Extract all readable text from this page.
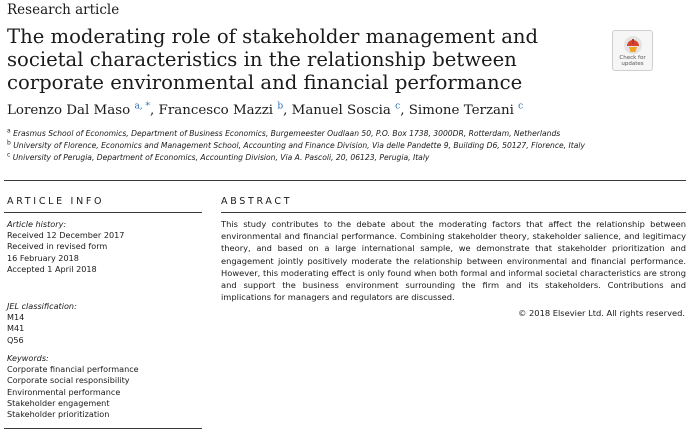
Research article
The moderating role of stakeholder management and societal characteristics in the relationship between corporate environmental and financial performance
Check for
updates
Lorenzo Dal Maso $^{a, *}$, Francesco Mazzi $^b$, Manuel Soscia $^c$, Simone Terzani $^c$
$^a$ Erasmus School of Economics, Department of Business Economics, Burgemeester Oudlaan 50, P.O. Box 1738, 3000DR, Rotterdam, Netherlands
$^b$ University of Florence, Economics and Management School, Accounting and Finance Division, Via delle Pandette 9, Building D6, 50127, Florence, Italy
$^c$ University of Perugia, Department of Economics, Accounting Division, Via A. Pascoli, 20, 06123, Perugia, Italy
ARTICLE INFO	ABSTRACT
Article history:
Received 12 December 2017
Received in revised form
16 February 2018
Accepted 1 April 2018
JEL classification:
M14
M41
Q56
Keywords:
Corporate financial performance
Corporate social responsibility
Environmental performance
Stakeholder engagement
Stakeholder prioritization
This study contributes to the debate about the moderating factors that affect the relationship between environmental and financial performance. Combining stakeholder theory, stakeholder salience, and legitimacy theory, and based on a large international sample, we demonstrate that stakeholder prioritization and engagement jointly positively moderate the relationship between environmental and financial performance. However, this moderating effect is only found when both formal and informal societal characteristics are strong and support the business environment surrounding the firm and its stakeholders. Contributions and implications for managers and regulators are discussed.
© 2018 Elsevier Ltd. All rights reserved.
